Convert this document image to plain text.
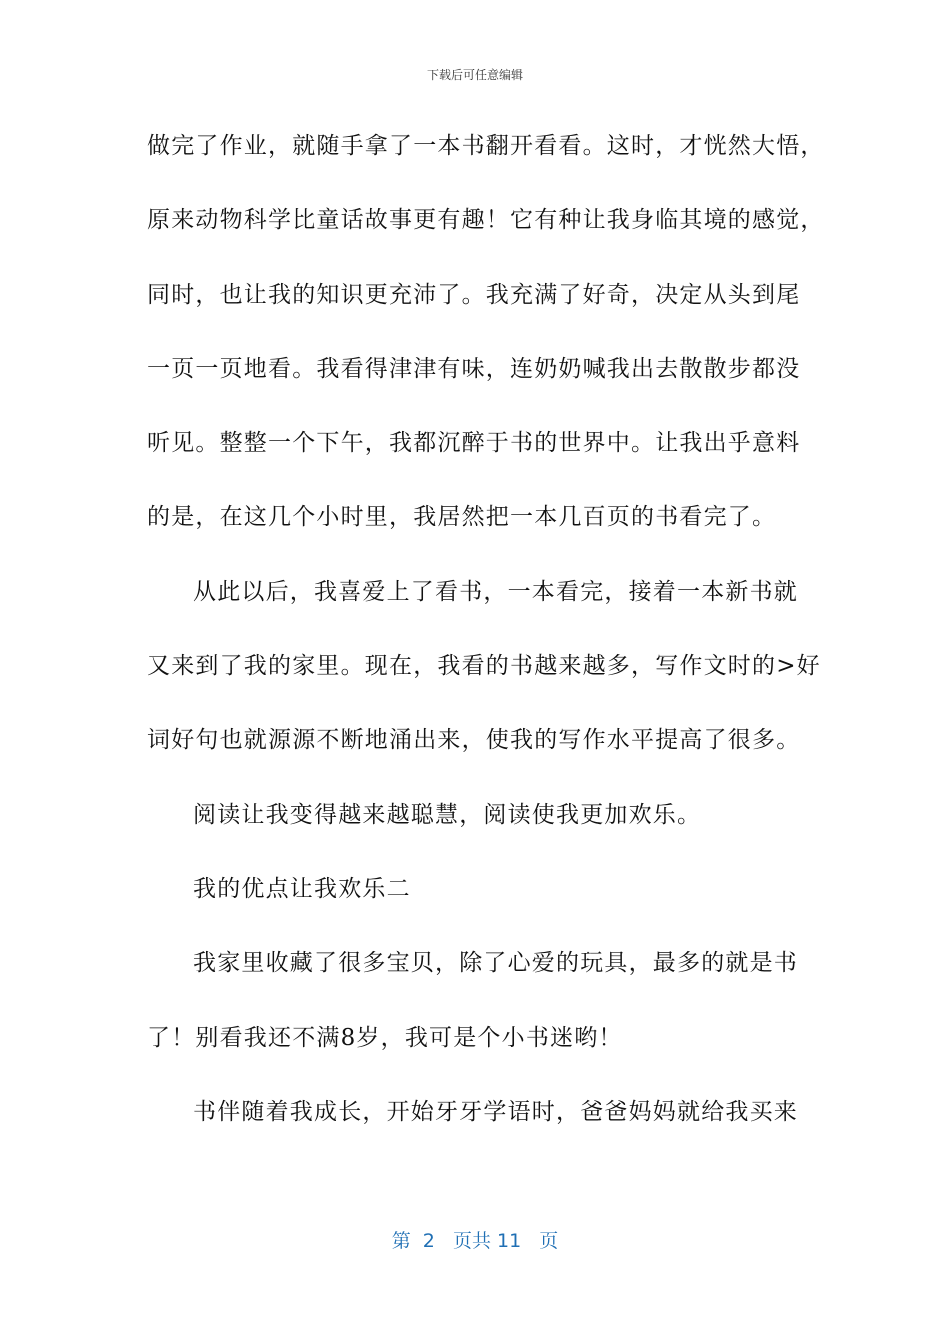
下载后可任意编辑
做完了作业，就随手拿了一本书翻开看看。这时，才恍然大悟，
原来动物科学比童话故事更有趣！它有种让我身临其境的感觉，
同时，也让我的知识更充沛了。我充满了好奇，决定从头到尾
一页一页地看。我看得津津有味，连奶奶喊我出去散散步都没
听见。整整一个下午，我都沉醉于书的世界中。让我出乎意料
的是，在这几个小时里，我居然把一本几百页的书看完了。
从此以后，我喜爱上了看书，一本看完，接着一本新书就
又来到了我的家里。现在，我看的书越来越多，写作文时的>好
词好句也就源源不断地涌出来，使我的写作水平提高了很多。
阅读让我变得越来越聪慧，阅读使我更加欢乐。
我的优点让我欢乐二
我家里收藏了很多宝贝，除了心爱的玩具，最多的就是书
了！别看我还不满8岁，我可是个小书迷哟！
书伴随着我成长，开始牙牙学语时，爸爸妈妈就给我买来
第  2   页共 11   页
